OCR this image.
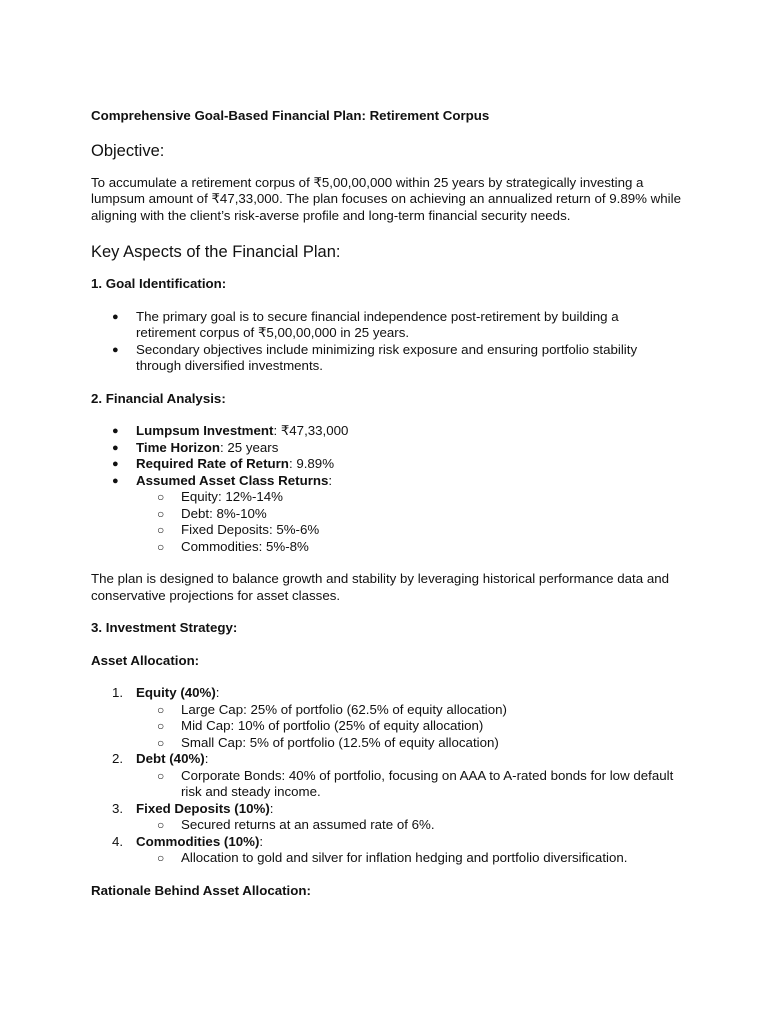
Comprehensive Goal-Based Financial Plan: Retirement Corpus
Objective:

To accumulate a retirement corpus of ₹5,00,00,000 within 25 years by strategically investing a lumpsum amount of ₹47,33,000. The plan focuses on achieving an annualized return of 9.89% while aligning with the client’s risk-averse profile and long-term financial security needs.

Key Aspects of the Financial Plan:
1. Goal Identification:
● The primary goal is to secure financial independence post-retirement by building a retirement corpus of ₹5,00,00,000 in 25 years.
● Secondary objectives include minimizing risk exposure and ensuring portfolio stability through diversified investments.
2. Financial Analysis:
● Lumpsum Investment: ₹47,33,000
● Time Horizon: 25 years
● Required Rate of Return: 9.89%
● Assumed Asset Class Returns:
○ Equity: 12%-14%
○ Debt: 8%-10%
○ Fixed Deposits: 5%-6%
○ Commodities: 5%-8%

The plan is designed to balance growth and stability by leveraging historical performance data and conservative projections for asset classes.

3. Investment Strategy:
Asset Allocation:
1. Equity (40%):
○ Large Cap: 25% of portfolio (62.5% of equity allocation)
○ Mid Cap: 10% of portfolio (25% of equity allocation)
○ Small Cap: 5% of portfolio (12.5% of equity allocation)
2. Debt (40%):
○ Corporate Bonds: 40% of portfolio, focusing on AAA to A-rated bonds for low default risk and steady income.
3. Fixed Deposits (10%):
○ Secured returns at an assumed rate of 6%.
4. Commodities (10%):
○ Allocation to gold and silver for inflation hedging and portfolio diversification.
Rationale Behind Asset Allocation:
